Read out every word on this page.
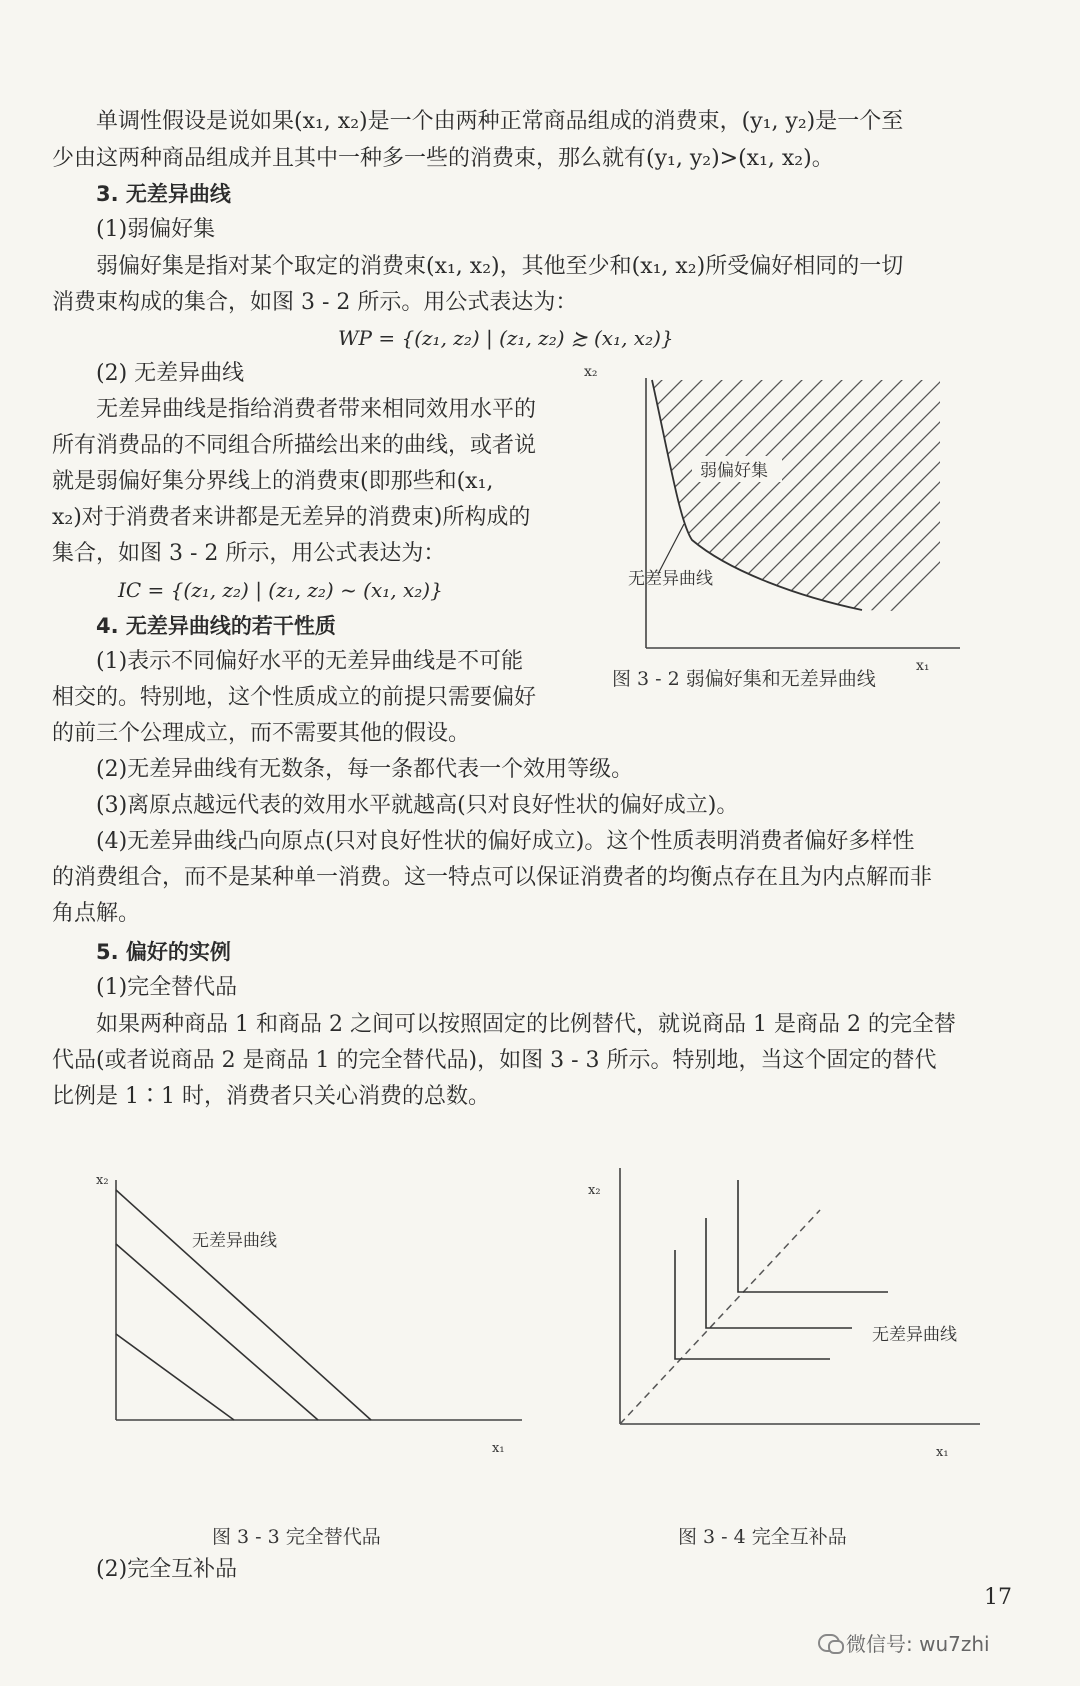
单调性假设是说如果(x₁, x₂)是一个由两种正常商品组成的消费束，(y₁, y₂)是一个至
少由这两种商品组成并且其中一种多一些的消费束，那么就有(y₁, y₂)>(x₁, x₂)。
3. 无差异曲线
(1)弱偏好集
弱偏好集是指对某个取定的消费束(x₁, x₂)，其他至少和(x₁, x₂)所受偏好相同的一切
消费束构成的集合，如图 3 - 2 所示。用公式表达为：
WP = {(z₁, z₂) | (z₁, z₂) ≿ (x₁, x₂)}
(2) 无差异曲线
无差异曲线是指给消费者带来相同效用水平的
所有消费品的不同组合所描绘出来的曲线，或者说
就是弱偏好集分界线上的消费束(即那些和(x₁,
x₂)对于消费者来讲都是无差异的消费束)所构成的
集合，如图 3 - 2 所示，用公式表达为：
IC = {(z₁, z₂) | (z₁, z₂) ~ (x₁, x₂)}
4. 无差异曲线的若干性质
(1)表示不同偏好水平的无差异曲线是不可能
相交的。特别地，这个性质成立的前提只需要偏好
的前三个公理成立，而不需要其他的假设。
x₂
x₁
弱偏好集
无差异曲线
图 3 - 2 弱偏好集和无差异曲线
(2)无差异曲线有无数条，每一条都代表一个效用等级。
(3)离原点越远代表的效用水平就越高(只对良好性状的偏好成立)。
(4)无差异曲线凸向原点(只对良好性状的偏好成立)。这个性质表明消费者偏好多样性
的消费组合，而不是某种单一消费。这一特点可以保证消费者的均衡点存在且为内点解而非
角点解。
5. 偏好的实例
(1)完全替代品
如果两种商品 1 和商品 2 之间可以按照固定的比例替代，就说商品 1 是商品 2 的完全替
代品(或者说商品 2 是商品 1 的完全替代品)，如图 3 - 3 所示。特别地，当这个固定的替代
比例是 1∶1 时，消费者只关心消费的总数。
x₂
x₁
无差异曲线
图 3 - 3 完全替代品
x₂
x₁
无差异曲线
图 3 - 4 完全互补品
(2)完全互补品
17
微信号: wu7zhi
